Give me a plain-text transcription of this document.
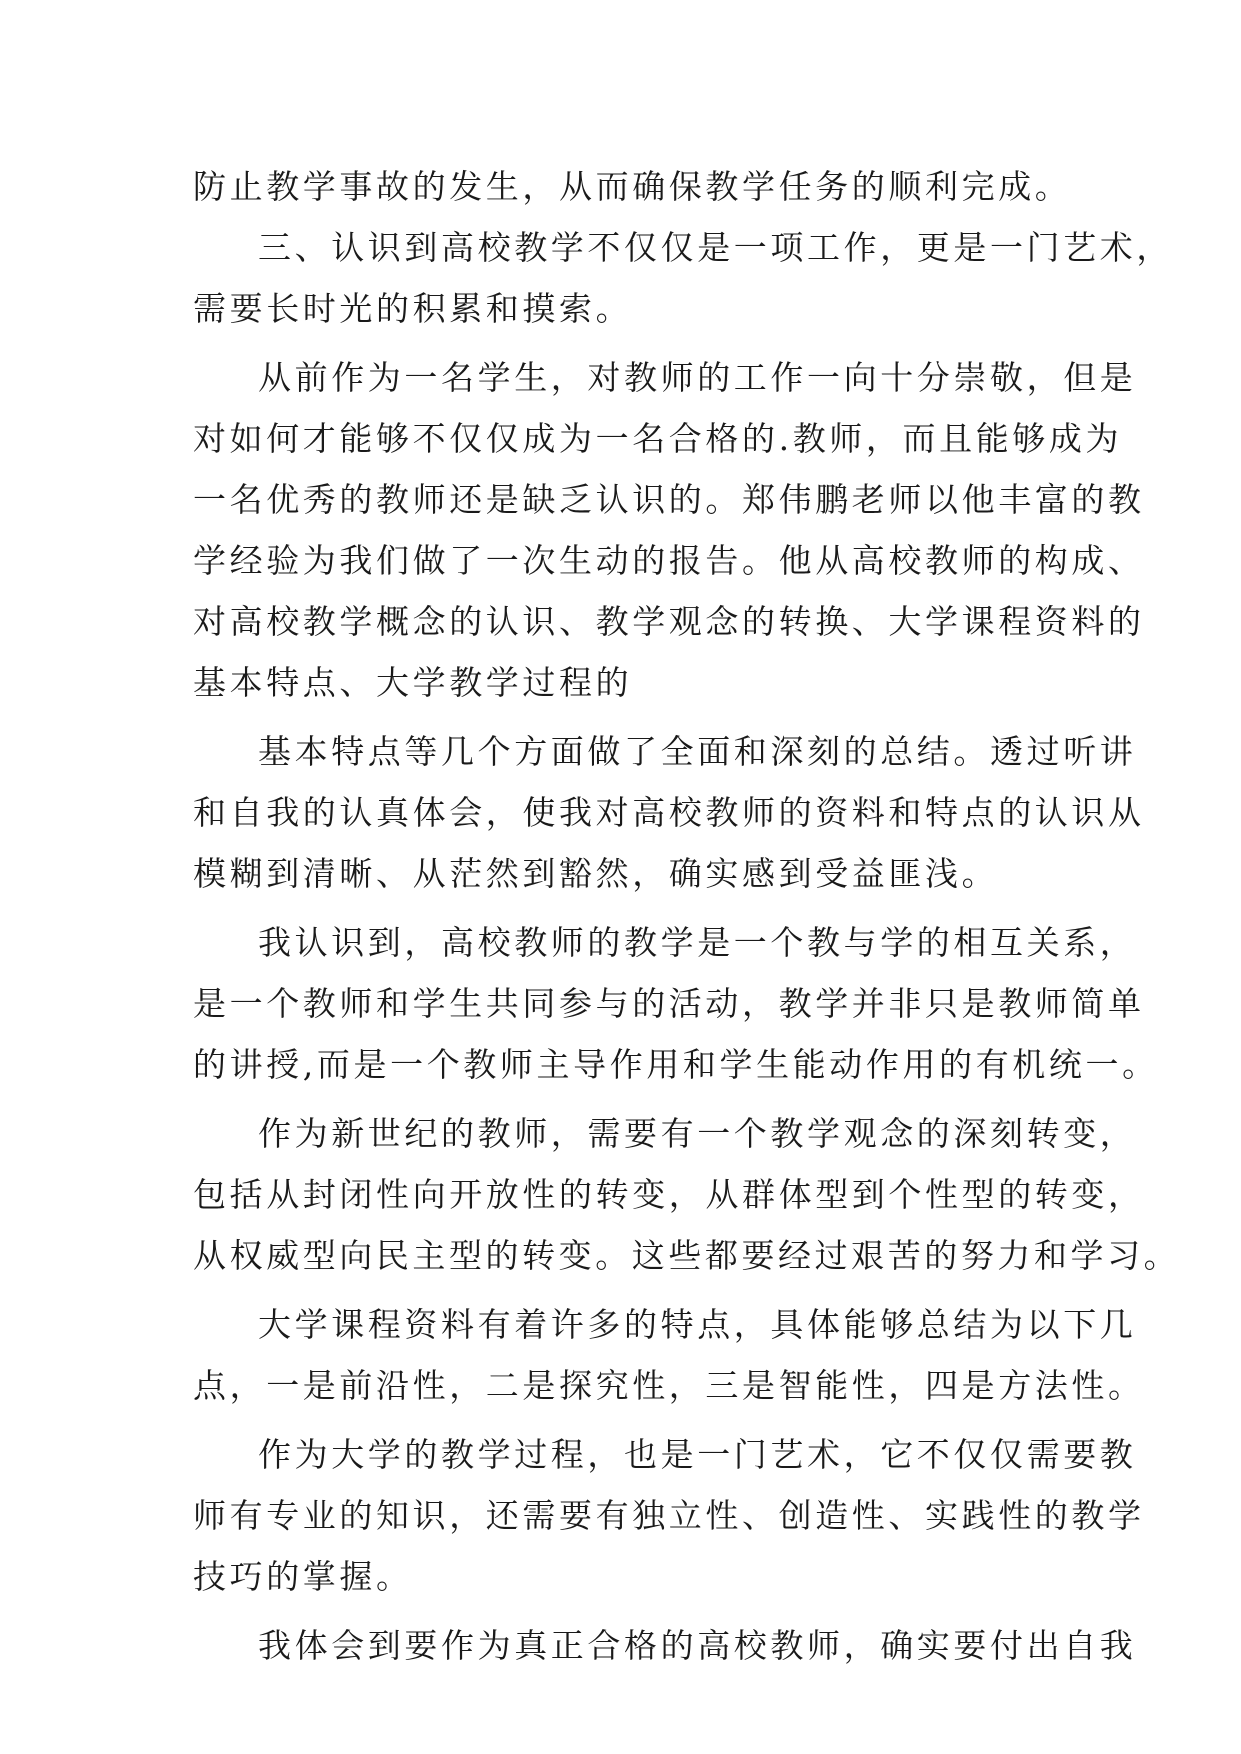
防止教学事故的发生，从而确保教学任务的顺利完成。
三、认识到高校教学不仅仅是一项工作，更是一门艺术，
需要长时光的积累和摸索。
从前作为一名学生，对教师的工作一向十分崇敬，但是
对如何才能够不仅仅成为一名合格的.教师，而且能够成为
一名优秀的教师还是缺乏认识的。郑伟鹏老师以他丰富的教
学经验为我们做了一次生动的报告。他从高校教师的构成、
对高校教学概念的认识、教学观念的转换、大学课程资料的
基本特点、大学教学过程的
基本特点等几个方面做了全面和深刻的总结。透过听讲
和自我的认真体会，使我对高校教师的资料和特点的认识从
模糊到清晰、从茫然到豁然，确实感到受益匪浅。
我认识到，高校教师的教学是一个教与学的相互关系，
是一个教师和学生共同参与的活动，教学并非只是教师简单
的讲授,而是一个教师主导作用和学生能动作用的有机统一。
作为新世纪的教师，需要有一个教学观念的深刻转变，
包括从封闭性向开放性的转变，从群体型到个性型的转变，
从权威型向民主型的转变。这些都要经过艰苦的努力和学习。
大学课程资料有着许多的特点，具体能够总结为以下几
点，一是前沿性，二是探究性，三是智能性，四是方法性。
作为大学的教学过程，也是一门艺术，它不仅仅需要教
师有专业的知识，还需要有独立性、创造性、实践性的教学
技巧的掌握。
我体会到要作为真正合格的高校教师，确实要付出自我
